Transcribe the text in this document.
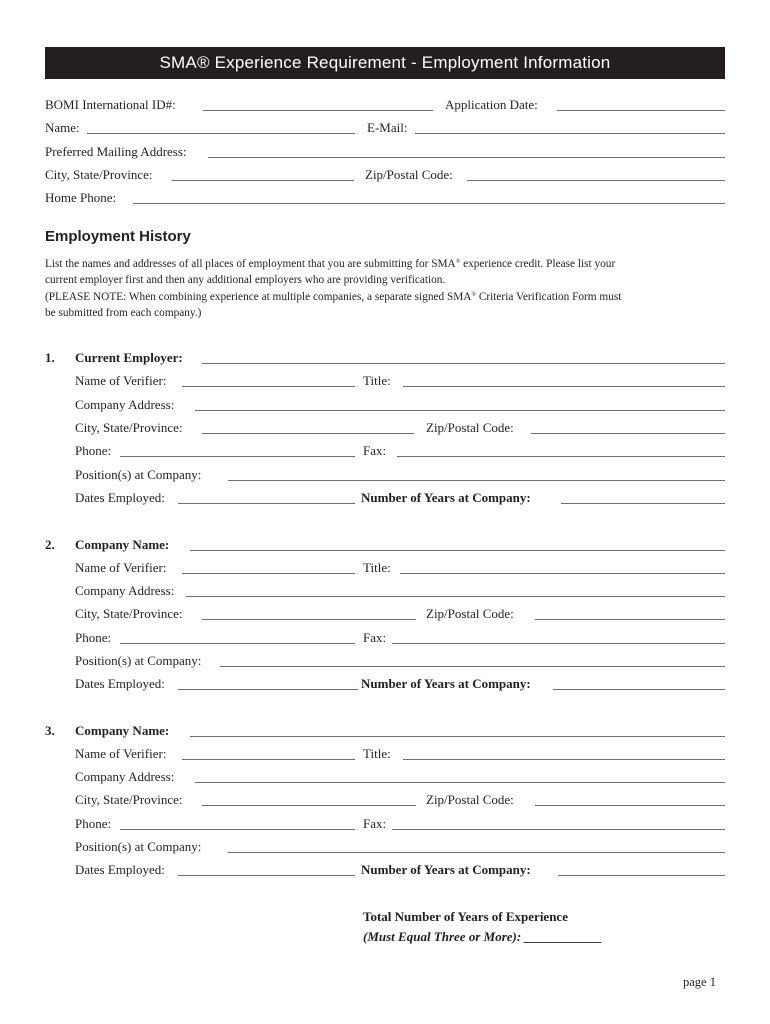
SMA® Experience Requirement - Employment Information
BOMI International ID#:	Application Date:
Name:	E-Mail:
Preferred Mailing Address:
City, State/Province:	Zip/Postal Code:
Home Phone:
Employment History
List the names and addresses of all places of employment that you are submitting for SMA® experience credit. Please list your
current employer first and then any additional employers who are providing verification.
(PLEASE NOTE: When combining experience at multiple companies, a separate signed SMA® Criteria Verification Form must
be submitted from each company.)
1. Current Employer:
Name of Verifier:	Title:
Company Address:
City, State/Province:	Zip/Postal Code:
Phone:	Fax:
Position(s) at Company:
Dates Employed:	Number of Years at Company:
2. Company Name:
Name of Verifier:	Title:
Company Address:
City, State/Province:	Zip/Postal Code:
Phone:	Fax:
Position(s) at Company:
Dates Employed:	Number of Years at Company:
3. Company Name:
Name of Verifier:	Title:
Company Address:
City, State/Province:	Zip/Postal Code:
Phone:	Fax:
Position(s) at Company:
Dates Employed:	Number of Years at Company:
Total Number of Years of Experience
(Must Equal Three or More): ____________
page 1
